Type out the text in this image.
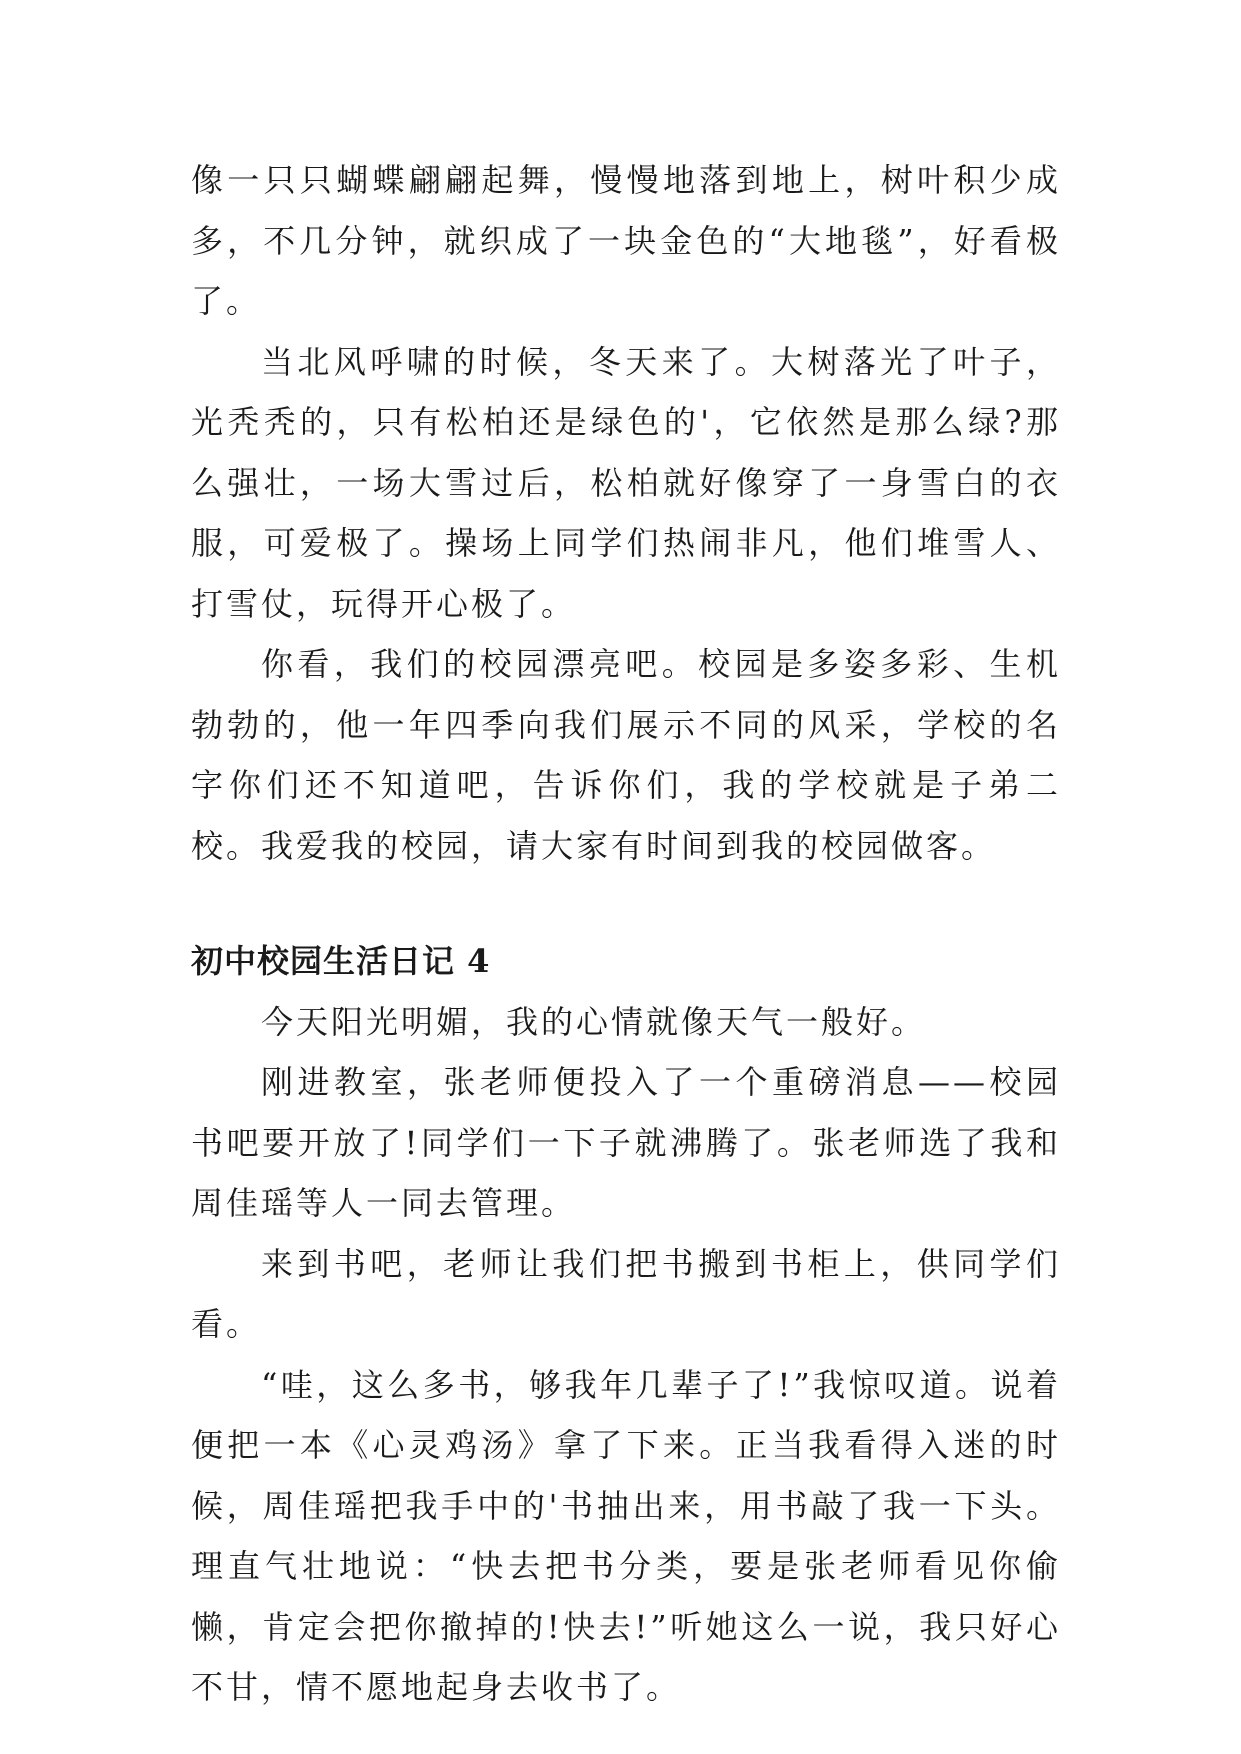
像一只只蝴蝶翩翩起舞，慢慢地落到地上，树叶积少成多，不几分钟，就织成了一块金色的“大地毯”，好看极了。

当北风呼啸的时候，冬天来了。大树落光了叶子，光秃秃的，只有松柏还是绿色的'，它依然是那么绿?那么强壮，一场大雪过后，松柏就好像穿了一身雪白的衣服，可爱极了。操场上同学们热闹非凡，他们堆雪人、打雪仗，玩得开心极了。

你看，我们的校园漂亮吧。校园是多姿多彩、生机勃勃的，他一年四季向我们展示不同的风采，学校的名字你们还不知道吧，告诉你们，我的学校就是子弟二校。我爱我的校园，请大家有时间到我的校园做客。

初中校园生活日记 4

今天阳光明媚，我的心情就像天气一般好。

刚进教室，张老师便投入了一个重磅消息——校园书吧要开放了!同学们一下子就沸腾了。张老师选了我和周佳瑶等人一同去管理。

来到书吧，老师让我们把书搬到书柜上，供同学们看。

“哇，这么多书，够我年几辈子了!”我惊叹道。说着便把一本《心灵鸡汤》拿了下来。正当我看得入迷的时候，周佳瑶把我手中的'书抽出来，用书敲了我一下头。理直气壮地说：“快去把书分类，要是张老师看见你偷懒，肯定会把你撤掉的!快去!”听她这么一说，我只好心不甘，情不愿地起身去收书了。
